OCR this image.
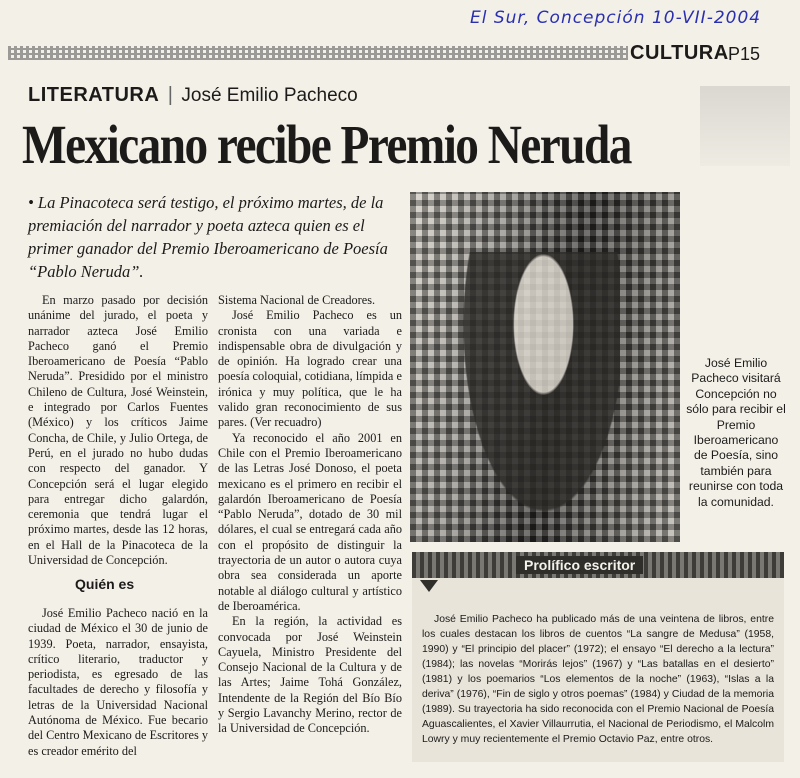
El Sur, Concepción 10-VII-2004
CULTURA P15
LITERATURA | José Emilio Pacheco
Mexicano recibe Premio Neruda
• La Pinacoteca será testigo, el próximo martes, de la premiación del narrador y poeta azteca quien es el primer ganador del Premio Iberoamericano de Poesía “Pablo Neruda”.

En marzo pasado por decisión unánime del jurado, el poeta y narrador azteca José Emilio Pacheco ganó el Premio Iberoamericano de Poesía “Pablo Neruda”. Presidido por el ministro Chileno de Cultura, José Weinstein, e integrado por Carlos Fuentes (México) y los críticos Jaime Concha, de Chile, y Julio Ortega, de Perú, en el jurado no hubo dudas con respecto del ganador. Y Concepción será el lugar elegido para entregar dicho galardón, ceremonia que tendrá lugar el próximo martes, desde las 12 horas, en el Hall de la Pinacoteca de la Universidad de Concepción.

Quién es

José Emilio Pacheco nació en la ciudad de México el 30 de junio de 1939. Poeta, narrador, ensayista, crítico literario, traductor y periodista, es egresado de las facultades de derecho y filosofía y letras de la Universidad Nacional Autónoma de México. Fue becario del Centro Mexicano de Escritores y es creador emérito del

Sistema Nacional de Creadores.

José Emilio Pacheco es un cronista con una variada e indispensable obra de divulgación y de opinión. Ha logrado crear una poesía coloquial, cotidiana, límpida e irónica y muy política, que le ha valido gran reconocimiento de sus pares. (Ver recuadro)

Ya reconocido el año 2001 en Chile con el Premio Iberoamericano de las Letras José Donoso, el poeta mexicano es el primero en recibir el galardón Iberoamericano de Poesía “Pablo Neruda”, dotado de 30 mil dólares, el cual se entregará cada año con el propósito de distinguir la trayectoria de un autor o autora cuya obra sea considerada un aporte notable al diálogo cultural y artístico de Iberoamérica.

En la región, la actividad es convocada por José Weinstein Cayuela, Ministro Presidente del Consejo Nacional de la Cultura y de las Artes; Jaime Tohá González, Intendente de la Región del Bío Bío y Sergio Lavanchy Merino, rector de la Universidad de Concepción.

José Emilio Pacheco visitará Concepción no sólo para recibir el Premio Iberoamericano de Poesía, sino también para reunirse con toda la comunidad.
Prolífico escritor
José Emilio Pacheco ha publicado más de una veintena de libros, entre los cuales destacan los libros de cuentos “La sangre de Medusa” (1958, 1990) y “El principio del placer” (1972); el ensayo “El derecho a la lectura” (1984); las novelas “Morirás lejos” (1967) y “Las batallas en el desierto” (1981) y los poemarios “Los elementos de la noche” (1963), “Islas a la deriva” (1976), “Fin de siglo y otros poemas” (1984) y Ciudad de la memoria (1989). Su trayectoria ha sido reconocida con el Premio Nacional de Poesía Aguascalientes, el Xavier Villaurrutia, el Nacional de Periodismo, el Malcolm Lowry y muy recientemente el Premio Octavio Paz, entre otros.
